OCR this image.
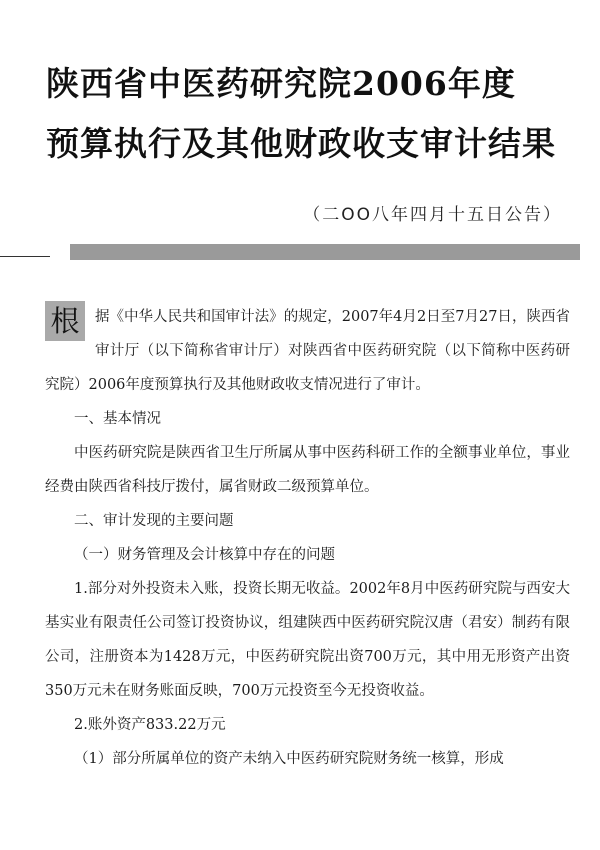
陕西省中医药研究院2006年度
预算执行及其他财政收支审计结果
（二OO八年四月十五日公告）

根	据《中华人民共和国审计法》的规定，2007年4月2日至7月27日，陕西省审计厅（以下简称省审计厅）对陕西省中医药研究院（以下简称中医药研究院）2006年度预算执行及其他财政收支情况进行了审计。

一、基本情况

中医药研究院是陕西省卫生厅所属从事中医药科研工作的全额事业单位，事业经费由陕西省科技厅拨付，属省财政二级预算单位。

二、审计发现的主要问题

（一）财务管理及会计核算中存在的问题

1.部分对外投资未入账，投资长期无收益。2002年8月中医药研究院与西安大基实业有限责任公司签订投资协议，组建陕西中医药研究院汉唐（君安）制药有限公司，注册资本为1428万元，中医药研究院出资700万元，其中用无形资产出资350万元未在财务账面反映，700万元投资至今无投资收益。

2.账外资产833.22万元

（1）部分所属单位的资产未纳入中医药研究院财务统一核算，形成
